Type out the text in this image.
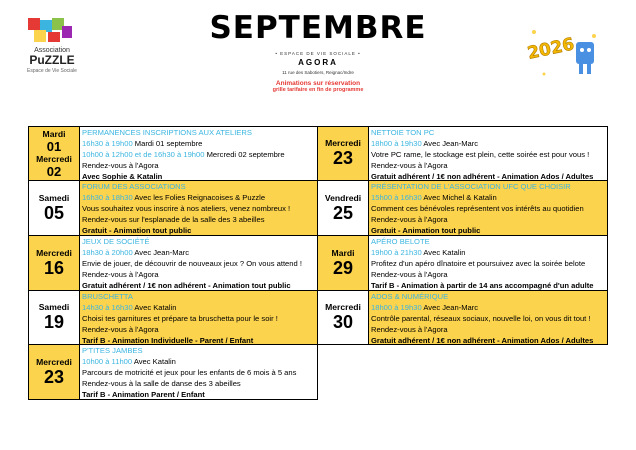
Association
PuZZLE
Espace de Vie Sociale
2026
SEPTEMBRE
• ESPACE DE VIE SOCIALE •
AGORA
11 rue des Sabotiers, Reignac/Indre
Animations sur réservation
grille tarifaire en fin de programme
Mardi
01
Mercredi
02
PERMANENCES INSCRIPTIONS AUX ATELIERS
16h30 à 19h00 Mardi 01 septembre
10h00 à 12h00 et de 16h30 à 19h00 Mercredi 02 septembre
Rendez-vous à l'Agora
Avec Sophie & Katalin
Samedi
05
FORUM DES ASSOCIATIONS
16h30 à 18h30 Avec les Folies Reignacoises & Puzzle
Vous souhaitez vous inscrire à nos ateliers, venez nombreux !
Rendez-vous sur l'esplanade de la salle des 3 abeilles
Gratuit - Animation tout public
Mercredi
16
JEUX DE SOCIÉTÉ
18h30 à 20h00 Avec Jean-Marc
Envie de jouer, de découvrir de nouveaux jeux ? On vous attend !
Rendez-vous à l'Agora
Gratuit adhérent / 1€ non adhérent - Animation tout public
Samedi
19
BRUSCHETTA
14h30 à 16h30 Avec Katalin
Choisi tes garnitures et prépare ta bruschetta pour le soir !
Rendez-vous à l'Agora
Tarif B - Animation Individuelle - Parent / Enfant
Mercredi
23
P'TITES JAMBES
10h00 à 11h00 Avec Katalin
Parcours de motricité et jeux pour les enfants de 6 mois à 5 ans
Rendez-vous à la salle de danse des 3 abeilles
Tarif B - Animation Parent / Enfant
Mercredi
23
NETTOIE TON PC
18h00 à 19h30 Avec Jean-Marc
Votre PC rame, le stockage est plein, cette soirée est pour vous !
Rendez-vous à l'Agora
Gratuit adhérent / 1€ non adhérent - Animation Ados / Adultes
Vendredi
25
PRÉSENTATION DE L'ASSOCIATION UFC QUE CHOISIR
15h00 à 16h30 Avec Michel & Katalin
Comment ces bénévoles représentent vos intérêts au quotidien
Rendez-vous à l'Agora
Gratuit - Animation tout public
Mardi
29
APÉRO BELOTE
19h00 à 21h30 Avec Katalin
Profitez d'un apéro dînatoire et poursuivez avec la soirée belote
Rendez-vous à l'Agora
Tarif B - Animation à partir de 14 ans accompagné d'un adulte
Mercredi
30
ADOS & NUMÉRIQUE
18h00 à 19h30 Avec Jean-Marc
Contrôle parental, réseaux sociaux, nouvelle loi, on vous dit tout !
Rendez-vous à l'Agora
Gratuit adhérent / 1€ non adhérent - Animation Ados / Adultes
